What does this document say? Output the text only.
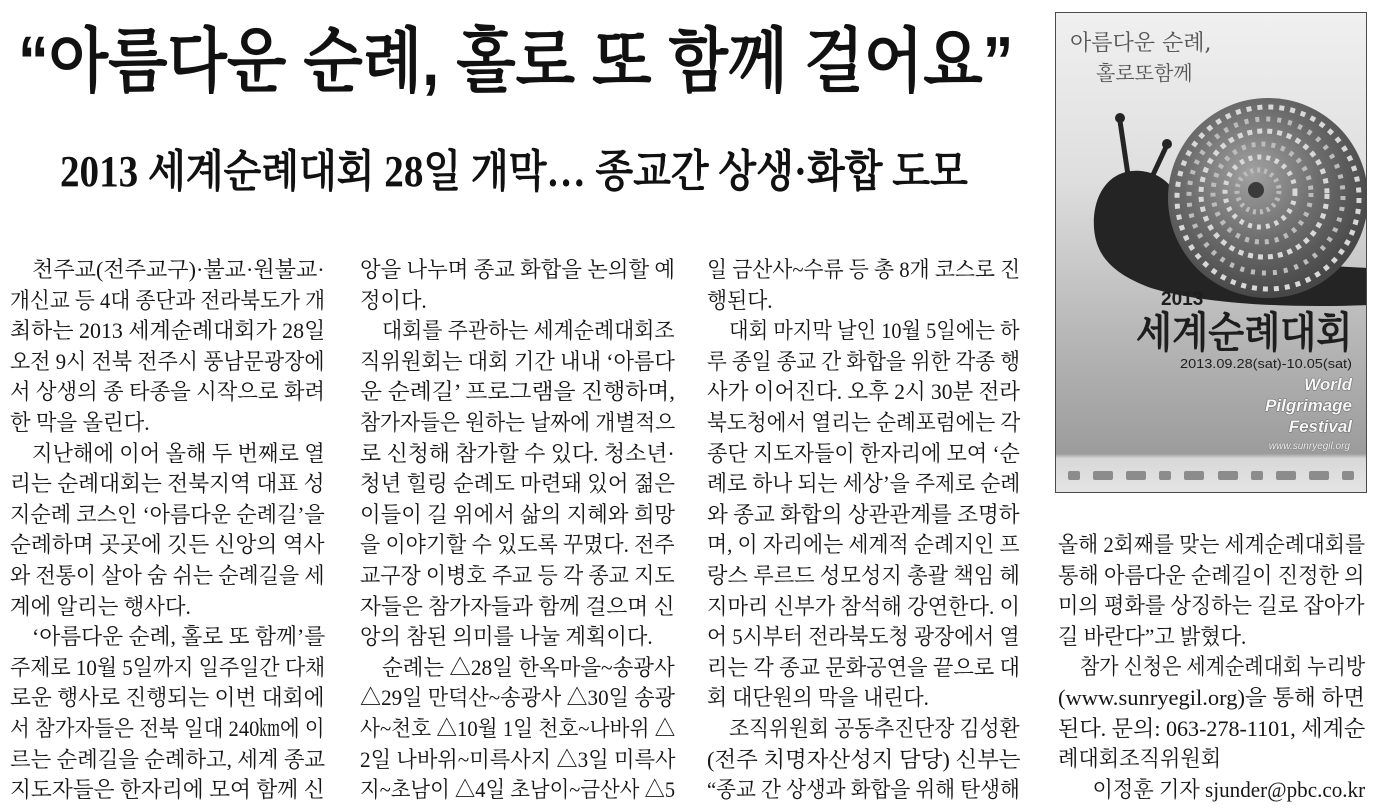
“아름다운 순례, 홀로 또 함께 걸어요”
2013 세계순례대회 28일 개막… 종교간 상생·화합 도모
천주교(전주교구)·불교·원불교·
개신교 등 4대 종단과 전라북도가 개
최하는 2013 세계순례대회가 28일
오전 9시 전북 전주시 풍남문광장에
서 상생의 종 타종을 시작으로 화려
한 막을 올린다.
지난해에 이어 올해 두 번째로 열
리는 순례대회는 전북지역 대표 성
지순례 코스인 ‘아름다운 순례길’을
순례하며 곳곳에 깃든 신앙의 역사
와 전통이 살아 숨 쉬는 순례길을 세
계에 알리는 행사다.
‘아름다운 순례, 홀로 또 함께’를
주제로 10월 5일까지 일주일간 다채
로운 행사로 진행되는 이번 대회에
서 참가자들은 전북 일대 240㎞에 이
르는 순례길을 순례하고, 세계 종교
지도자들은 한자리에 모여 함께 신
앙을 나누며 종교 화합을 논의할 예
정이다.
대회를 주관하는 세계순례대회조
직위원회는 대회 기간 내내 ‘아름다
운 순례길’ 프로그램을 진행하며,
참가자들은 원하는 날짜에 개별적으
로 신청해 참가할 수 있다. 청소년·
청년 힐링 순례도 마련돼 있어 젊은
이들이 길 위에서 삶의 지혜와 희망
을 이야기할 수 있도록 꾸몄다. 전주
교구장 이병호 주교 등 각 종교 지도
자들은 참가자들과 함께 걸으며 신
앙의 참된 의미를 나눌 계획이다.
순례는 △28일 한옥마을~송광사
△29일 만덕산~송광사 △30일 송광
사~천호 △10월 1일 천호~나바위 △
2일 나바위~미륵사지 △3일 미륵사
지~초남이 △4일 초남이~금산사 △5
일 금산사~수류 등 총 8개 코스로 진
행된다.
대회 마지막 날인 10월 5일에는 하
루 종일 종교 간 화합을 위한 각종 행
사가 이어진다. 오후 2시 30분 전라
북도청에서 열리는 순례포럼에는 각
종단 지도자들이 한자리에 모여 ‘순
례로 하나 되는 세상’을 주제로 순례
와 종교 화합의 상관관계를 조명하
며, 이 자리에는 세계적 순례지인 프
랑스 루르드 성모성지 총괄 책임 헤
지마리 신부가 참석해 강연한다. 이
어 5시부터 전라북도청 광장에서 열
리는 각 종교 문화공연을 끝으로 대
회 대단원의 막을 내린다.
조직위원회 공동추진단장 김성환
(전주 치명자산성지 담당) 신부는
“종교 간 상생과 화합을 위해 탄생해
올해 2회째를 맞는 세계순례대회를
통해 아름다운 순례길이 진정한 의
미의 평화를 상징하는 길로 잡아가
길 바란다”고 밝혔다.
참가 신청은 세계순례대회 누리방
(www.sunryegil.org)을 통해 하면
된다. 문의: 063-278-1101, 세계순
례대회조직위원회
이정훈 기자 sjunder@pbc.co.kr
아름다운 순례,
홀로또함께
2013
세계순례대회
2013.09.28(sat)-10.05(sat)
World
Pilgrimage
Festival
www.sunryegil.org
